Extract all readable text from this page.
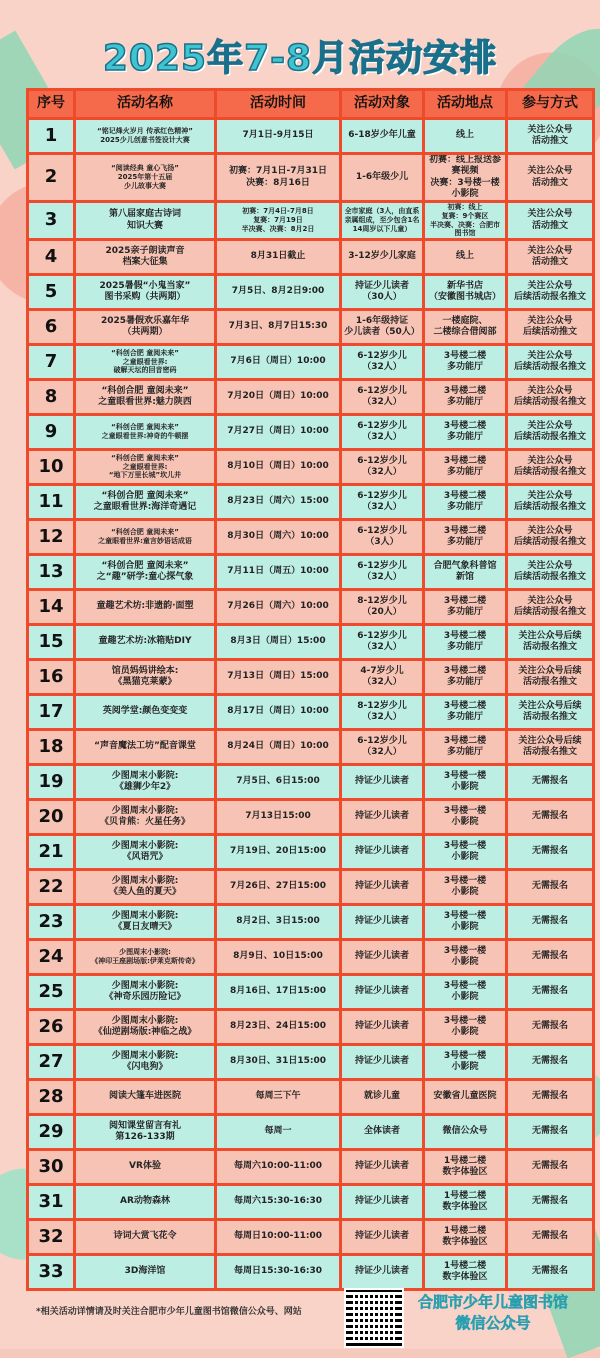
2025年7-8月活动安排
序号	活动名称	活动时间	活动对象	活动地点	参与方式

1	“铭记烽火岁月 传承红色精神”
2025少儿创意书签设计大赛	7月1日-9月15日	6-18岁少年儿童	线上	关注公众号
活动推文

2	“阅读经典 童心飞扬”
2025年第十五届
少儿故事大赛	初赛：7月1日-7月31日
决赛：8月16日	1-6年级少儿	初赛：线上报送参赛视频
决赛：3号楼一楼小影院	关注公众号
活动推文

3	第八届家庭古诗词
知识大赛	初赛：7月4日-7月8日
复赛：7月19日
半决赛、决赛：8月2日	全市家庭（3人，由直系
亲属组成，至少包含1名
14周岁以下儿童）	初赛：线上
复赛：9个赛区
半决赛、决赛：合肥市图书馆	关注公众号
活动推文

4	2025亲子朗读声音
档案大征集	8月31日截止	3-12岁少儿家庭	线上	关注公众号
活动推文

5	2025暑假“小鬼当家”
图书采购（共两期）	7月5日、8月2日9:00	持证少儿读者
（30人）	新华书店
（安徽图书城店）	关注公众号
后续活动报名推文

6	2025暑假欢乐嘉年华
（共两期）	7月3日、8月7日15:30	1-6年级持证
少儿读者（50人）	一楼庭院、
二楼综合借阅部	关注公众号
后续活动推文

7	“科创合肥 童阅未来”
之童眼看世界:
破解天坛的回音密码	7月6日（周日）10:00	6-12岁少儿
（32人）	3号楼二楼
多功能厅	关注公众号
后续活动报名推文

8	“科创合肥 童阅未来”
之童眼看世界:魅力陕西	7月20日（周日）10:00	6-12岁少儿
（32人）	3号楼二楼
多功能厅	关注公众号
后续活动报名推文

9	“科创合肥 童阅未来”
之童眼看世界:神奇的牛顿摆	7月27日（周日）10:00	6-12岁少儿
（32人）	3号楼二楼
多功能厅	关注公众号
后续活动报名推文

10	“科创合肥 童阅未来”
之童眼看世界:
“地下万里长城”坎儿井	8月10日（周日）10:00	6-12岁少儿
（32人）	3号楼二楼
多功能厅	关注公众号
后续活动报名推文

11	“科创合肥 童阅未来”
之童眼看世界:海洋奇遇记	8月23日（周六）15:00	6-12岁少儿
（32人）	3号楼二楼
多功能厅	关注公众号
后续活动报名推文

12	“科创合肥 童阅未来”
之童眼看世界:童言妙语话成语	8月30日（周六）10:00	6-12岁少儿
（3人）	3号楼二楼
多功能厅	关注公众号
后续活动报名推文

13	“科创合肥 童阅未来”
之“趣”研学:童心探气象	7月11日（周五）10:00	6-12岁少儿
（32人）	合肥气象科普馆
新馆	关注公众号
后续活动报名推文

14	童趣艺术坊:非遗韵·面塑	7月26日（周六）10:00	8-12岁少儿
（20人）	3号楼二楼
多功能厅	关注公众号
后续活动报名推文

15	童趣艺术坊:冰箱贴DIY	8月3日（周日）15:00	6-12岁少儿
（32人）	3号楼二楼
多功能厅	关注公众号后续
活动报名推文

16	馆员妈妈讲绘本:
《黑猫克莱蒙》	7月13日（周日）15:00	4-7岁少儿
（32人）	3号楼二楼
多功能厅	关注公众号后续
活动报名推文

17	英阅学堂:颜色变变变	8月17日（周日）10:00	8-12岁少儿
（32人）	3号楼二楼
多功能厅	关注公众号后续
活动报名推文

18	“声音魔法工坊”配音课堂	8月24日（周日）10:00	6-12岁少儿
（32人）	3号楼二楼
多功能厅	关注公众号后续
活动报名推文

19	少图周末小影院:
《雄狮少年2》	7月5日、6日15:00	持证少儿读者	3号楼一楼
小影院	无需报名

20	少图周末小影院:
《贝肯熊：火星任务》	7月13日15:00	持证少儿读者	3号楼一楼
小影院	无需报名

21	少图周末小影院:
《风语咒》	7月19日、20日15:00	持证少儿读者	3号楼一楼
小影院	无需报名

22	少图周末小影院:
《美人鱼的夏天》	7月26日、27日15:00	持证少儿读者	3号楼一楼
小影院	无需报名

23	少图周末小影院:
《夏日友晴天》	8月2日、3日15:00	持证少儿读者	3号楼一楼
小影院	无需报名

24	少图周末小影院:
《神印王座剧场版:伊莱克斯传奇》	8月9日、10日15:00	持证少儿读者	3号楼一楼
小影院	无需报名

25	少图周末小影院:
《神奇乐园历险记》	8月16日、17日15:00	持证少儿读者	3号楼一楼
小影院	无需报名

26	少图周末小影院:
《仙逆剧场版:神临之战》	8月23日、24日15:00	持证少儿读者	3号楼一楼
小影院	无需报名

27	少图周末小影院:
《闪电狗》	8月30日、31日15:00	持证少儿读者	3号楼一楼
小影院	无需报名

28	阅读大篷车进医院	每周三下午	就诊儿童	安徽省儿童医院	无需报名

29	阅知课堂留言有礼
第126-133期	每周一	全体读者	微信公众号	无需报名

30	VR体验	每周六10:00-11:00	持证少儿读者	1号楼二楼
数字体验区	无需报名

31	AR动物森林	每周六15:30-16:30	持证少儿读者	1号楼二楼
数字体验区	无需报名

32	诗词大赏飞花令	每周日10:00-11:00	持证少儿读者	1号楼二楼
数字体验区	无需报名

33	3D海洋馆	每周日15:30-16:30	持证少儿读者	1号楼二楼
数字体验区	无需报名
*相关活动详情请及时关注合肥市少年儿童图书馆微信公众号、网站
合肥市少年儿童图书馆
微信公众号
